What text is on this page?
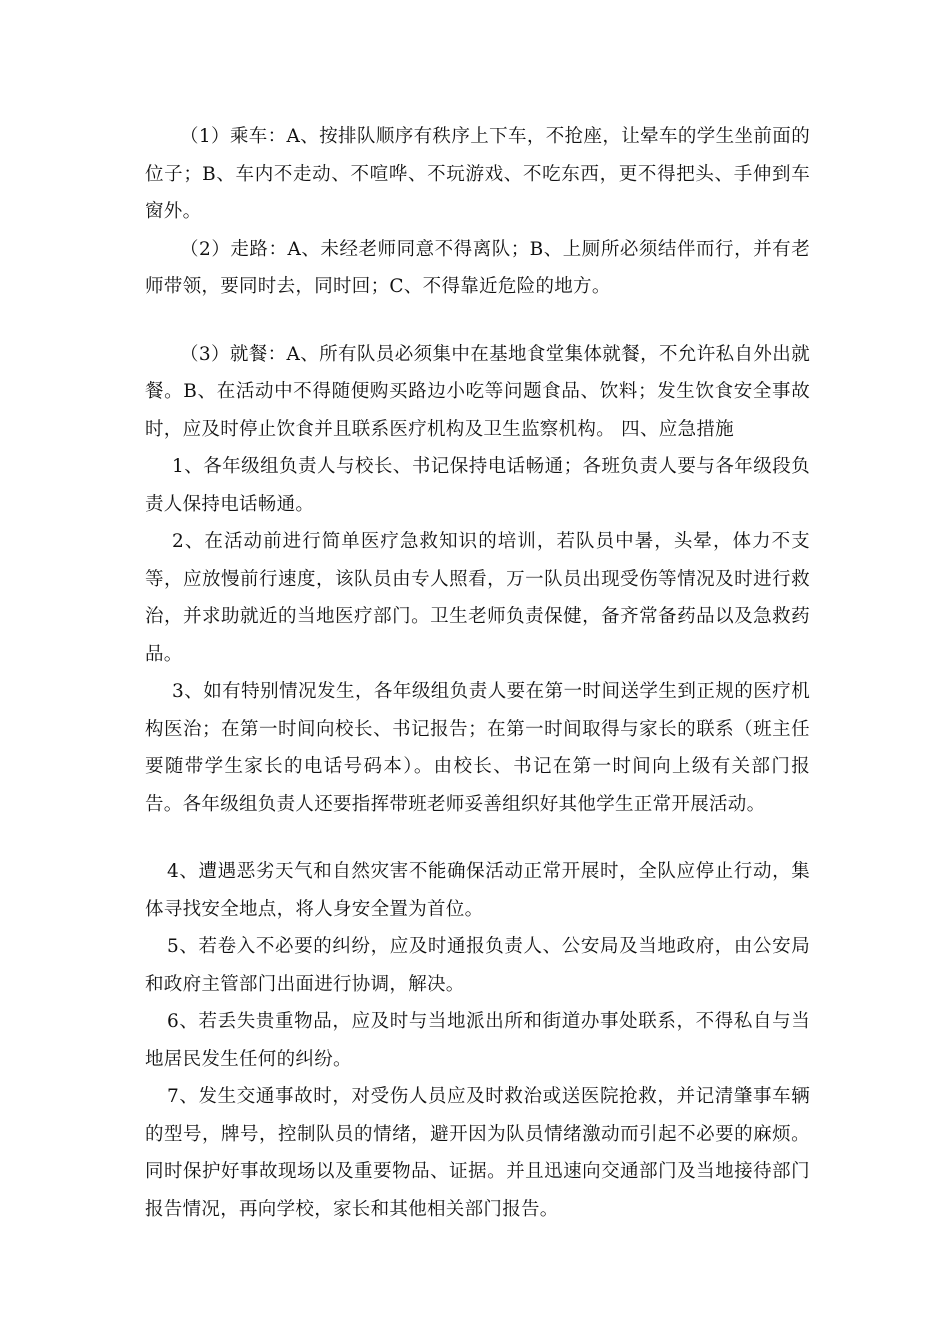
（1）乘车：A、按排队顺序有秩序上下车，不抢座，让晕车的学生坐前面的位子；B、车内不走动、不喧哗、不玩游戏、不吃东西，更不得把头、手伸到车窗外。

（2）走路：A、未经老师同意不得离队；B、上厕所必须结伴而行，并有老师带领，要同时去，同时回；C、不得靠近危险的地方。

（3）就餐：A、所有队员必须集中在基地食堂集体就餐，不允许私自外出就餐。B、在活动中不得随便购买路边小吃等问题食品、饮料；发生饮食安全事故时，应及时停止饮食并且联系医疗机构及卫生监察机构。 四、应急措施

1、各年级组负责人与校长、书记保持电话畅通；各班负责人要与各年级段负责人保持电话畅通。

2、在活动前进行简单医疗急救知识的培训，若队员中暑，头晕，体力不支等，应放慢前行速度，该队员由专人照看，万一队员出现受伤等情况及时进行救治，并求助就近的当地医疗部门。卫生老师负责保健，备齐常备药品以及急救药品。

3、如有特别情况发生，各年级组负责人要在第一时间送学生到正规的医疗机构医治；在第一时间向校长、书记报告；在第一时间取得与家长的联系（班主任要随带学生家长的电话号码本）。由校长、书记在第一时间向上级有关部门报告。各年级组负责人还要指挥带班老师妥善组织好其他学生正常开展活动。

4、遭遇恶劣天气和自然灾害不能确保活动正常开展时，全队应停止行动，集体寻找安全地点，将人身安全置为首位。

5、若卷入不必要的纠纷，应及时通报负责人、公安局及当地政府，由公安局和政府主管部门出面进行协调，解决。

6、若丢失贵重物品，应及时与当地派出所和街道办事处联系，不得私自与当地居民发生任何的纠纷。

7、发生交通事故时，对受伤人员应及时救治或送医院抢救，并记清肇事车辆的型号，牌号，控制队员的情绪，避开因为队员情绪激动而引起不必要的麻烦。同时保护好事故现场以及重要物品、证据。并且迅速向交通部门及当地接待部门报告情况，再向学校，家长和其他相关部门报告。
